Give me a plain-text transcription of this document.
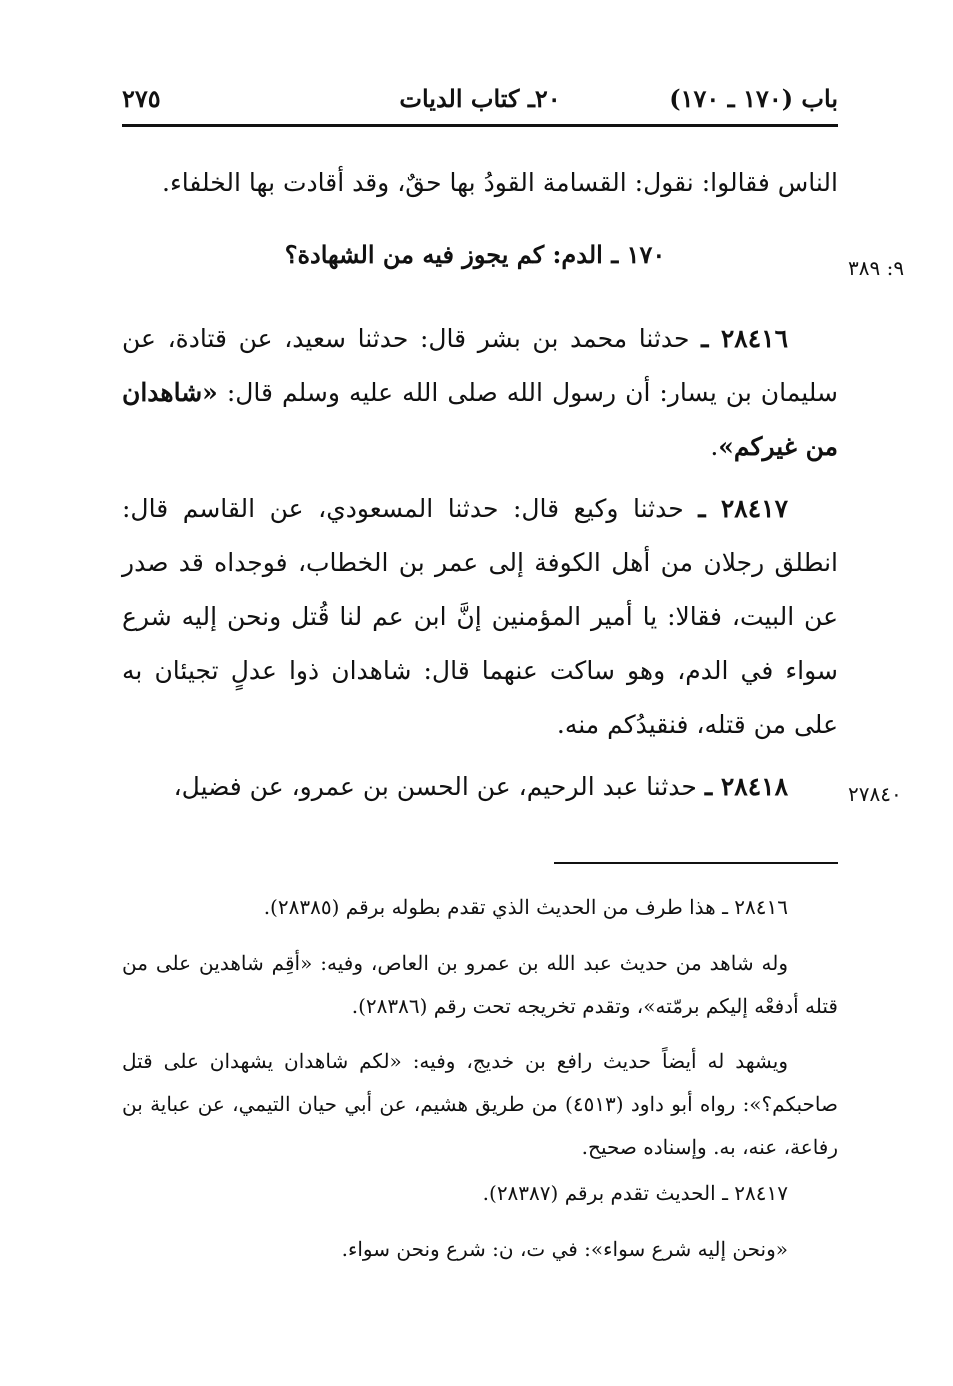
باب (١٧٠ ـ ١٧٠)
٢٠ـ كتاب الديات
٢٧٥
الناس فقالوا: نقول: القسامة القودُ بها حقٌ، وقد أقادت بها الخلفاء.
٩: ٣٨٩
١٧٠ ـ الدم: كم يجوز فيه من الشهادة؟
٢٨٤١٦ ـ حدثنا محمد بن بشر قال: حدثنا سعيد، عن قتادة، عن سليمان بن يسار: أن رسول الله صلى الله عليه وسلم قال: «شاهدان من غيركم».
٢٨٤١٧ ـ حدثنا وكيع قال: حدثنا المسعودي، عن القاسم قال: انطلق رجلان من أهل الكوفة إلى عمر بن الخطاب، فوجداه قد صدر عن البيت، فقالا: يا أمير المؤمنين إنَّ ابن عم لنا قُتل ونحن إليه شرع سواء في الدم، وهو ساكت عنهما قال: شاهدان ذوا عدلٍ تجيئان به على من قتله، فنقيدُكم منه.
٢٧٨٤٠
٢٨٤١٨ ـ حدثنا عبد الرحيم، عن الحسن بن عمرو، عن فضيل،
٢٨٤١٦ ـ هذا طرف من الحديث الذي تقدم بطوله برقم (٢٨٣٨٥).
وله شاهد من حديث عبد الله بن عمرو بن العاص، وفيه: «أقِم شاهدين على من قتله أدفعْه إليكم برمّته»، وتقدم تخريجه تحت رقم (٢٨٣٨٦).
ويشهد له أيضاً حديث رافع بن خديج، وفيه: «لكم شاهدان يشهدان على قتل صاحبكم؟»: رواه أبو داود (٤٥١٣) من طريق هشيم، عن أبي حيان التيمي، عن عباية بن رفاعة، عنه، به. وإسناده صحيح.
٢٨٤١٧ ـ الحديث تقدم برقم (٢٨٣٨٧).
«ونحن إليه شرع سواء»: في ت، ن: شرع ونحن سواء.
